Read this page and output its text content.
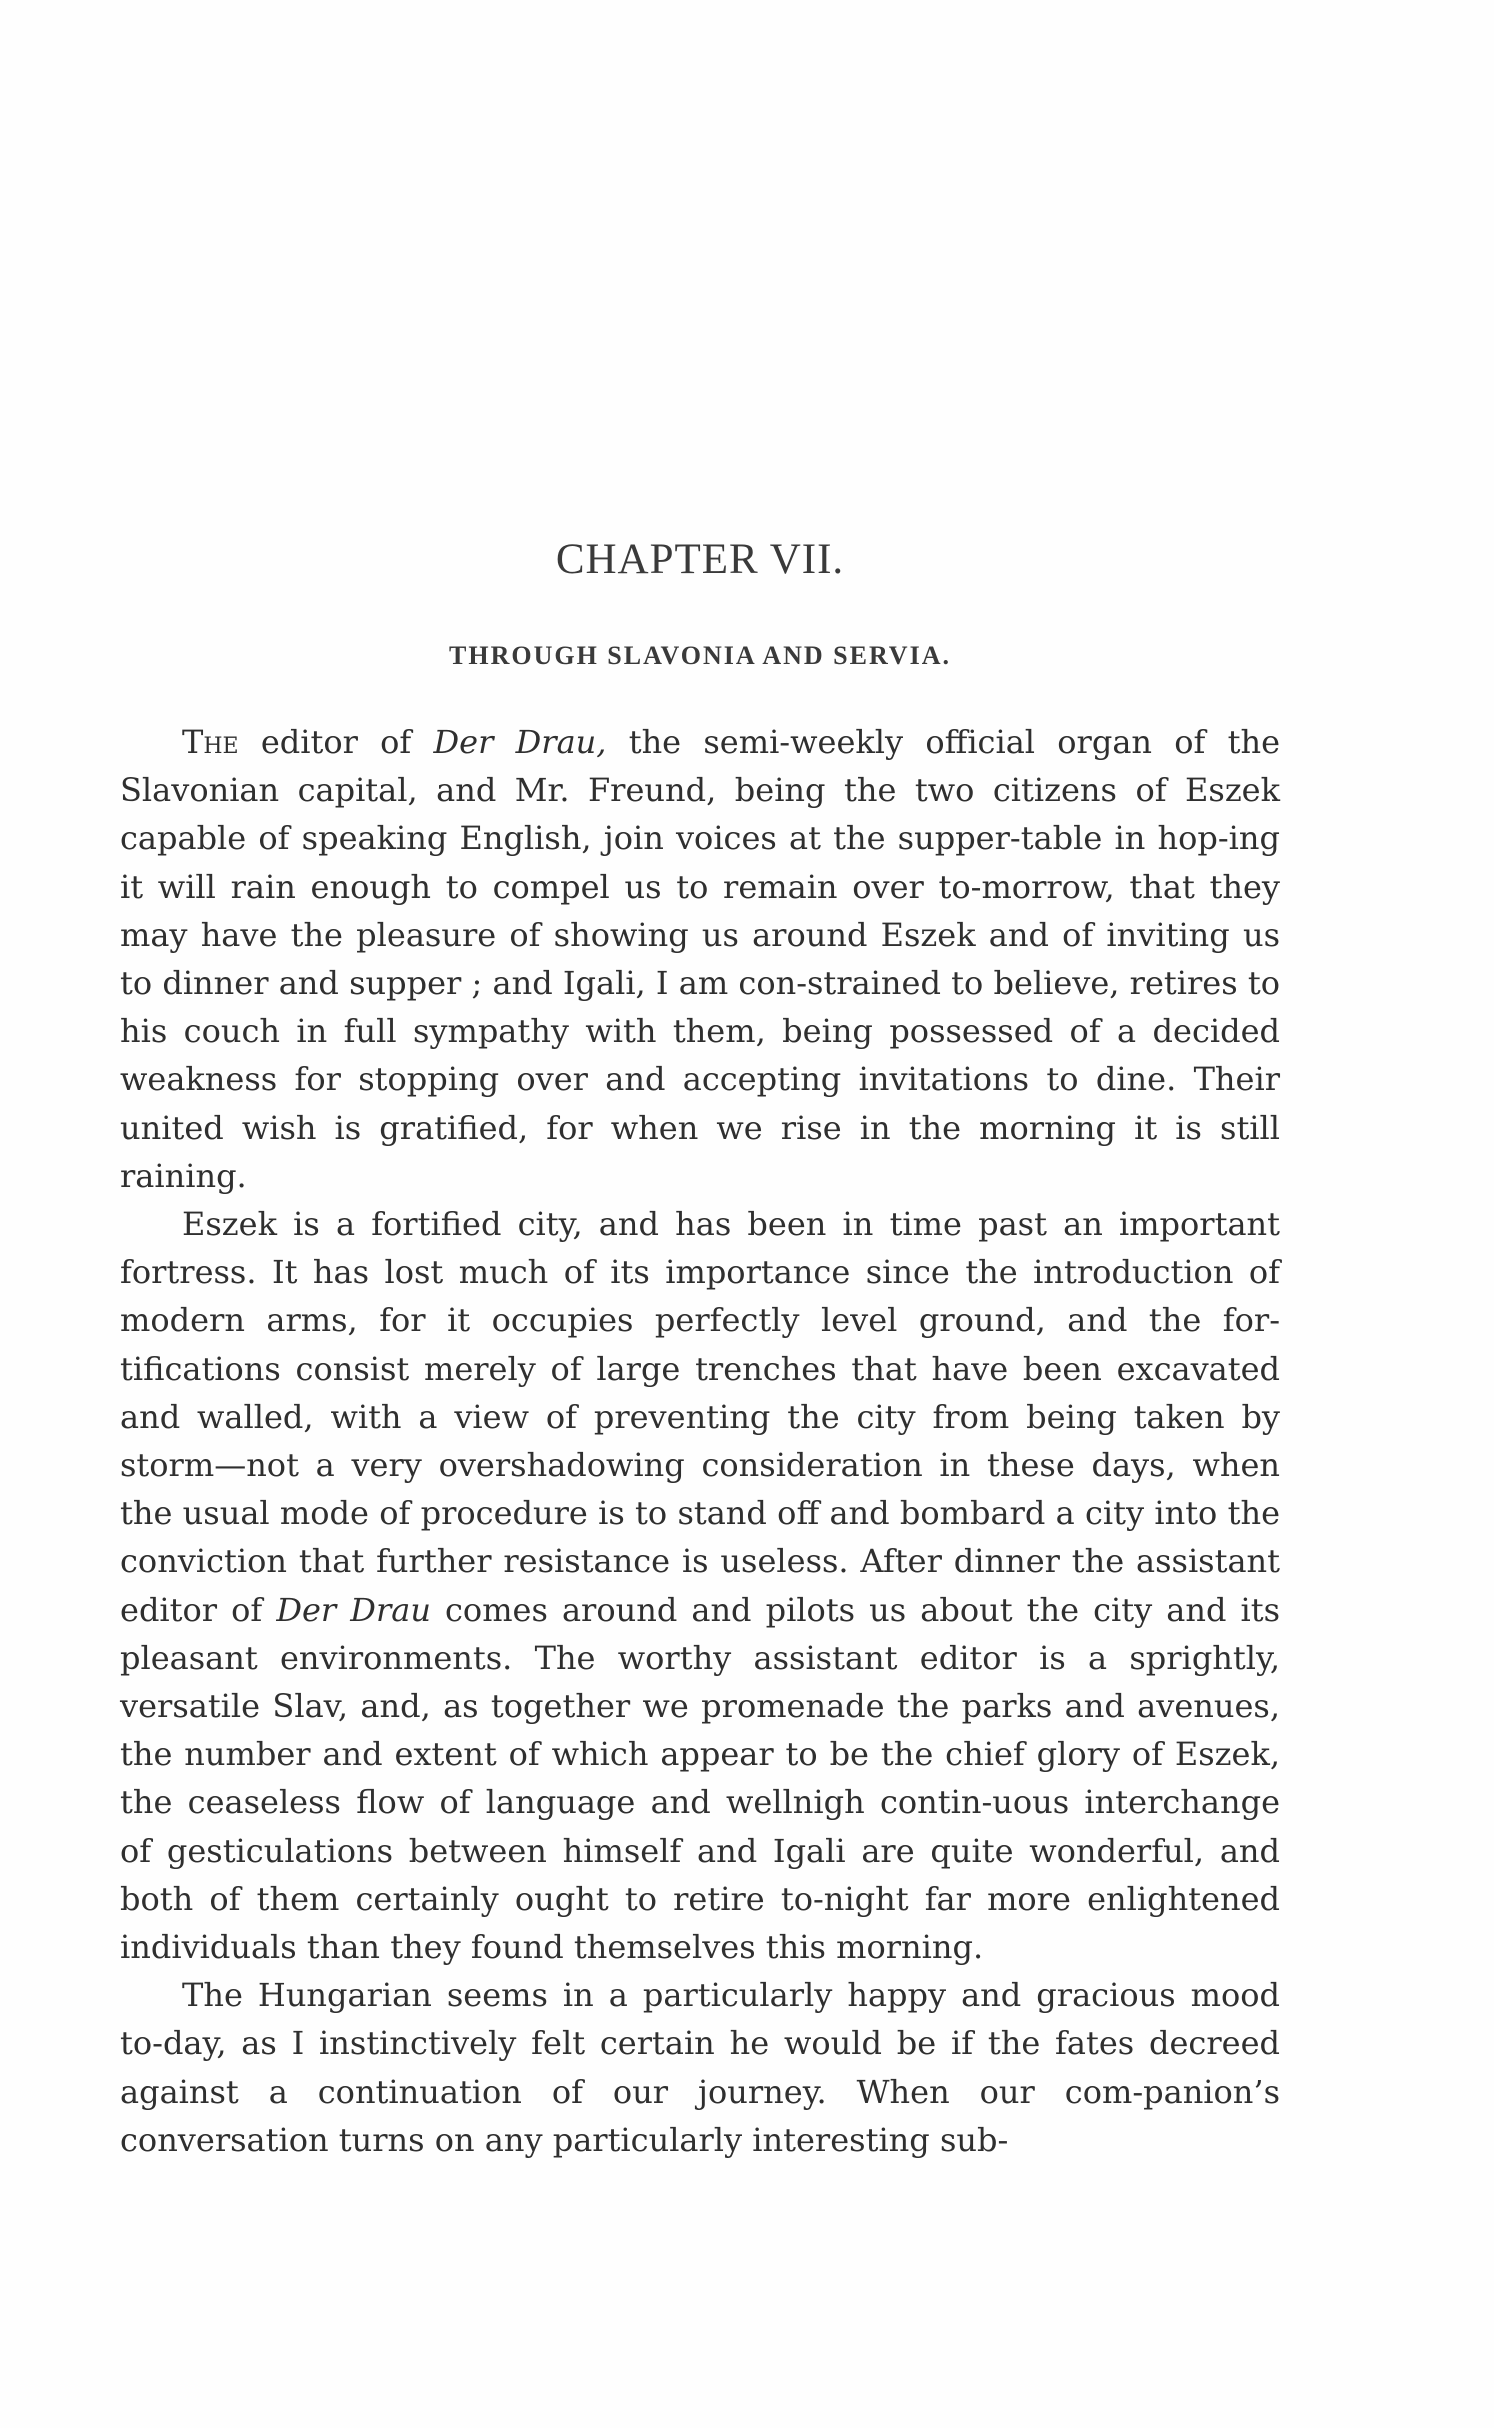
CHAPTER VII.
THROUGH SLAVONIA AND SERVIA.

The editor of Der Drau, the semi-weekly official organ of the Slavonian capital, and Mr. Freund, being the two citizens of Eszek capable of speaking English, join voices at the supper-table in hop-ing it will rain enough to compel us to remain over to-morrow, that they may have the pleasure of showing us around Eszek and of inviting us to dinner and supper ; and Igali, I am con-strained to believe, retires to his couch in full sympathy with them, being possessed of a decided weakness for stopping over and accepting invitations to dine. Their united wish is gratified, for when we rise in the morning it is still raining.

Eszek is a fortified city, and has been in time past an important fortress. It has lost much of its importance since the introduction of modern arms, for it occupies perfectly level ground, and the for-tifications consist merely of large trenches that have been excavated and walled, with a view of preventing the city from being taken by storm—not a very overshadowing consideration in these days, when the usual mode of procedure is to stand off and bombard a city into the conviction that further resistance is useless. After dinner the assistant editor of Der Drau comes around and pilots us about the city and its pleasant environments. The worthy assistant editor is a sprightly, versatile Slav, and, as together we promenade the parks and avenues, the number and extent of which appear to be the chief glory of Eszek, the ceaseless flow of language and wellnigh contin-uous interchange of gesticulations between himself and Igali are quite wonderful, and both of them certainly ought to retire to-night far more enlightened individuals than they found themselves this morning.

The Hungarian seems in a particularly happy and gracious mood to-day, as I instinctively felt certain he would be if the fates decreed against a continuation of our journey. When our com-panion’s conversation turns on any particularly interesting sub-
